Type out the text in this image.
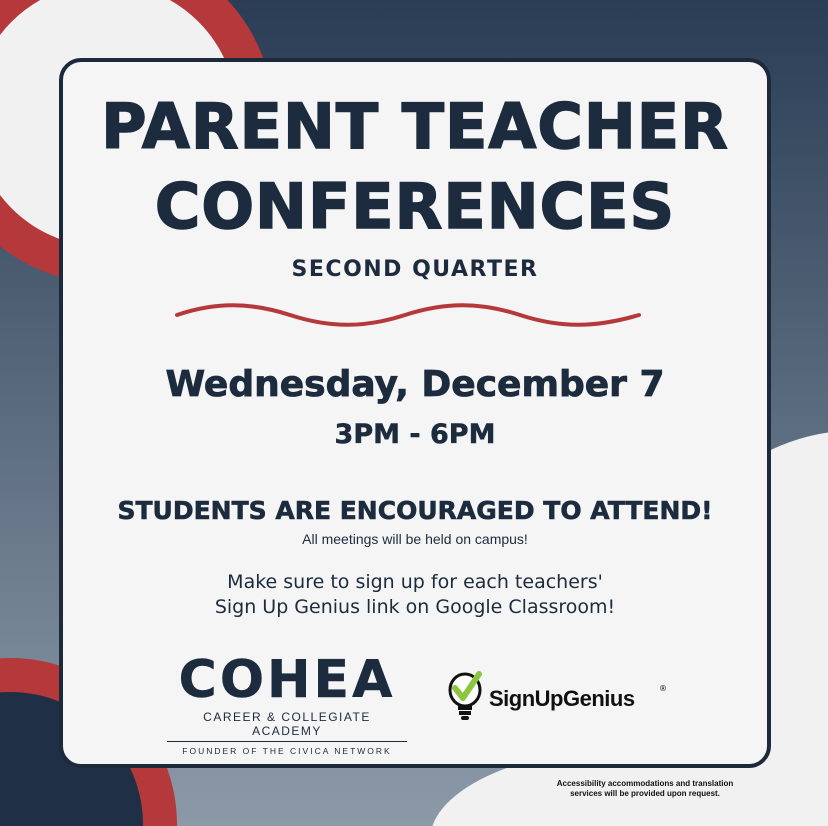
PARENT TEACHER
CONFERENCES
SECOND QUARTER
Wednesday, December 7
3PM - 6PM
STUDENTS ARE ENCOURAGED TO ATTEND!
All meetings will be held on campus!
Make sure to sign up for each teachers'
Sign Up Genius link on Google Classroom!
COHEA
CAREER & COLLEGIATE ACADEMY
FOUNDER OF THE CIVICA NETWORK
SignUpGenius	®
Accessibility accommodations and translation
services will be provided upon request.
